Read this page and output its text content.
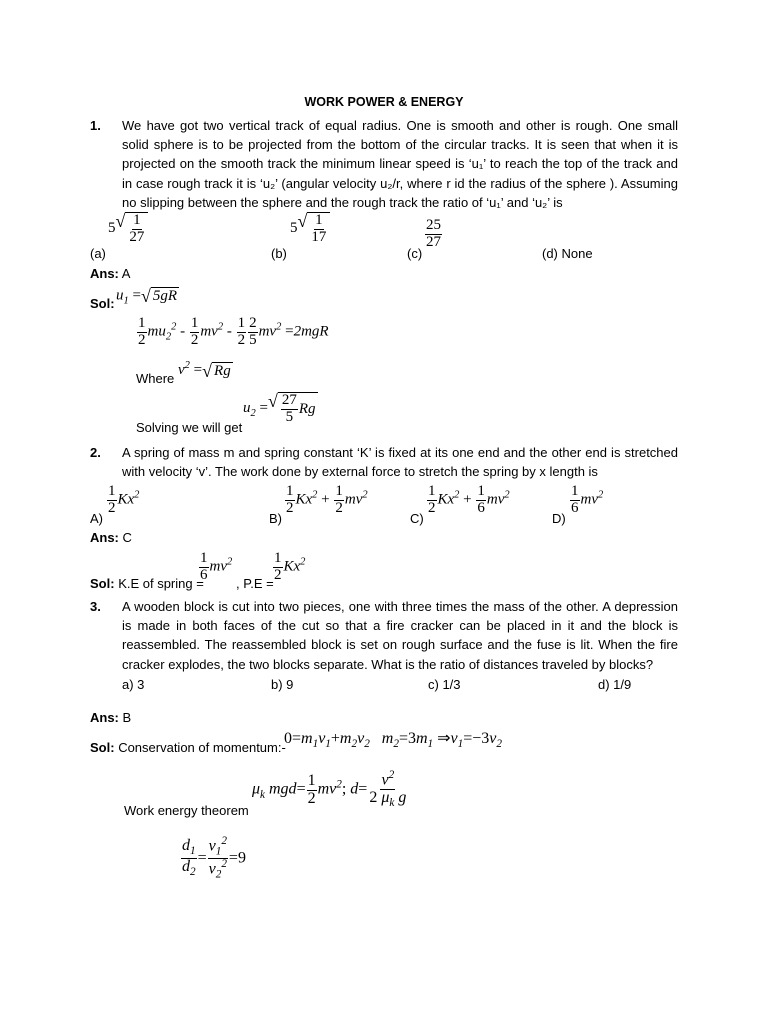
WORK POWER & ENERGY
1. We have got two vertical track of equal radius. One is smooth and other is rough. One small solid sphere is to be projected from the bottom of the circular tracks. It is seen that when it is projected on the smooth track the minimum linear speed is ‘u₁’ to reach the top of the track and in case rough track it is ‘u₂’ (angular velocity u₂/r, where r id the radius of the sphere ). Assuming no slipping between the sphere and the rough track the ratio of ‘u₁’ and ‘u₂’ is
(a)
5 √ $\frac{1}{27}$
(b)
5 √ $\frac{1}{17}$
(c)
$\frac{25}{27}$
(d) None
Ans: A
Sol:
$u_1$ = √ 5gR
$\frac{1}{2} mu_2^2 - \frac{1}{2} mv^2 - \frac{1}{2} \frac{2}{5} mv^2 =2mgR$
Where
$v^2$ = √ Rg
Solving we will get
$u_2$ = √ $\frac{27}{5}$ Rg
2. A spring of mass m and spring constant ‘K’ is fixed at its one end and the other end is stretched with velocity ‘v’. The work done by external force to stretch the spring by x length is
A)
$\frac{1}{2} Kx^2$
B)
$\frac{1}{2} Kx^2 + \frac{1}{2} mv^2$
C)
$\frac{1}{2} Kx^2 + \frac{1}{6} mv^2$
D)
$\frac{1}{6} mv^2$
Ans: C
Sol: K.E of spring =
$\frac{1}{6} mv^2$
, $P.E = \frac{1}{2} Kx^2$
3. A wooden block is cut into two pieces, one with three times the mass of the other. A depression is made in both faces of the cut so that a fire cracker can be placed in it and the block is reassembled. The reassembled block is set on rough surface and the fuse is lit. When the fire cracker explodes, the two blocks separate. What is the ratio of distances traveled by blocks?
a) 3	b) 9	c) 1/3	d) 1/9
Ans: B
Sol: Conservation of momentum:-
$0=m_1v_1+m_2v_2$   $m_2=3m_1$ $\Rightarrow v_1=-3v_2$
$\mu_k$ $mgd= \frac{1}{2} mv^2$; $d= \frac{v^2}{2 \mu_k g}$
Work energy theorem
$\frac{d_1}{d_2} = \frac{v_1^2}{v_2^2} =9$
